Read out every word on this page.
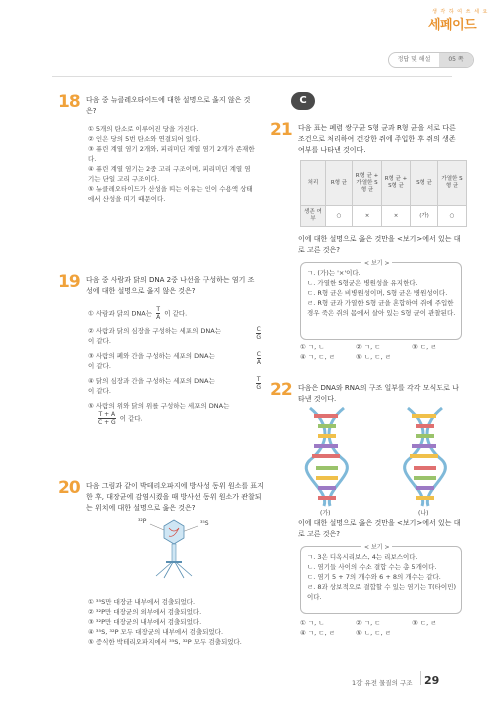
생 각 하 여 쓰 세 요
세페이드
정답 및 해설	05 쪽
18 다음 중 뉴클레오타이드에 대한 설명으로 옳지 않은 것은?
① 5개의 탄소로 이루어진 당을 가진다.
② 인은 당의 5번 탄소와 연결되어 있다.
③ 퓨린 계열 염기 2개와, 피리미딘 계열 염기 2개가 존재한다.
④ 퓨린 계열 염기는 2중 고리 구조이며, 피리미딘 계열 염기는 단일 고리 구조이다.
⑤ 뉴클레오타이드가 산성을 띠는 이유는 인이 수용액 상태에서 산성을 띠기 때문이다.
19 다음 중 사람과 닭의 DNA 2중 나선을 구성하는 염기 조성에 대한 설명으로 옳지 않은 것은?
① 사람과 닭의 DNA는 $\frac{T}{A}$ 이 같다.
② 사람과 닭의 심장을 구성하는 세포의 DNA는
이 같다.	$\frac{C}{G}$
③ 사람의 폐와 간을 구성하는 세포의 DNA는
이 같다.	$\frac{C}{A}$
④ 닭의 심장과 간을 구성하는 세포의 DNA는
이 같다.	$\frac{T}{G}$
⑤ 사람의 위와 닭의 위를 구성하는 세포의 DNA는
$\frac{T + A}{C + G}$ 이 같다.
20 다음 그림과 같이 박테리오파지에 방사성 동위 원소를 표지한 후, 대장균에 감염시켰을 때 방사선 동위 원소가 관찰되는 위치에 대한 설명으로 옳은 것은?
³²P	³⁵S
① ³⁵S만 대장균 내부에서 검출되었다.
② ³²P만 대장균의 외부에서 검출되었다.
③ ³²P만 대장균의 내부에서 검출되었다.
④ ³⁵S, ³²P 모두 대장균의 내부에서 검출되었다.
⑤ 증식한 박테리오파지에서 ³⁵S, ³²P 모두 검출되었다.
C
21 다음 표는 폐렴 쌍구균 S형 균과 R형 균을 서로 다른 조건으로 처리하여 건강한 쥐에 주입한 후 쥐의 생존 여부를 나타낸 것이다.
처리	R형 균	R형 균 + 가열한 S형 균	R형 균 + S형 균	S형 균	가열한 S형 균
생존 여부	○	×	×	(가)	○
이에 대한 설명으로 옳은 것만을 <보기>에서 있는 대로 고른 것은?
< 보기 >
ㄱ. (가)는 '×'이다.
ㄴ. 가열한 S형균은 병원성을 유지한다.
ㄷ. R형 균은 비병원성이며, S형 균은 병원성이다.
ㄹ. R형 균과 가열한 S형 균을 혼합하여 쥐에 주입한 경우 죽은 쥐의 몸에서 살아 있는 S형 균이 관찰된다.
① ㄱ, ㄴ	② ㄱ, ㄷ	③ ㄷ, ㄹ
④ ㄱ, ㄷ, ㄹ	⑤ ㄴ, ㄷ, ㄹ
22 다음은 DNA와 RNA의 구조 일부를 각각 모식도로 나타낸 것이다.
(가)	(나)
이에 대한 설명으로 옳은 것만을 <보기>에서 있는 대로 고른 것은?
< 보기 >
ㄱ. 3은 디옥시리보스, 4는 리보스이다.
ㄴ. 염기들 사이의 수소 결합 수는 총 5개이다.
ㄷ. 염기 5 + 7의 개수와 6 + 8의 개수는 같다.
ㄹ. 8과 상보적으로 결합할 수 있는 염기는 T(타이민)이다.
① ㄱ, ㄴ	② ㄱ, ㄷ	③ ㄷ, ㄹ
④ ㄱ, ㄷ, ㄹ	⑤ ㄴ, ㄷ, ㄹ
1강 유전 물질의 구조 29
